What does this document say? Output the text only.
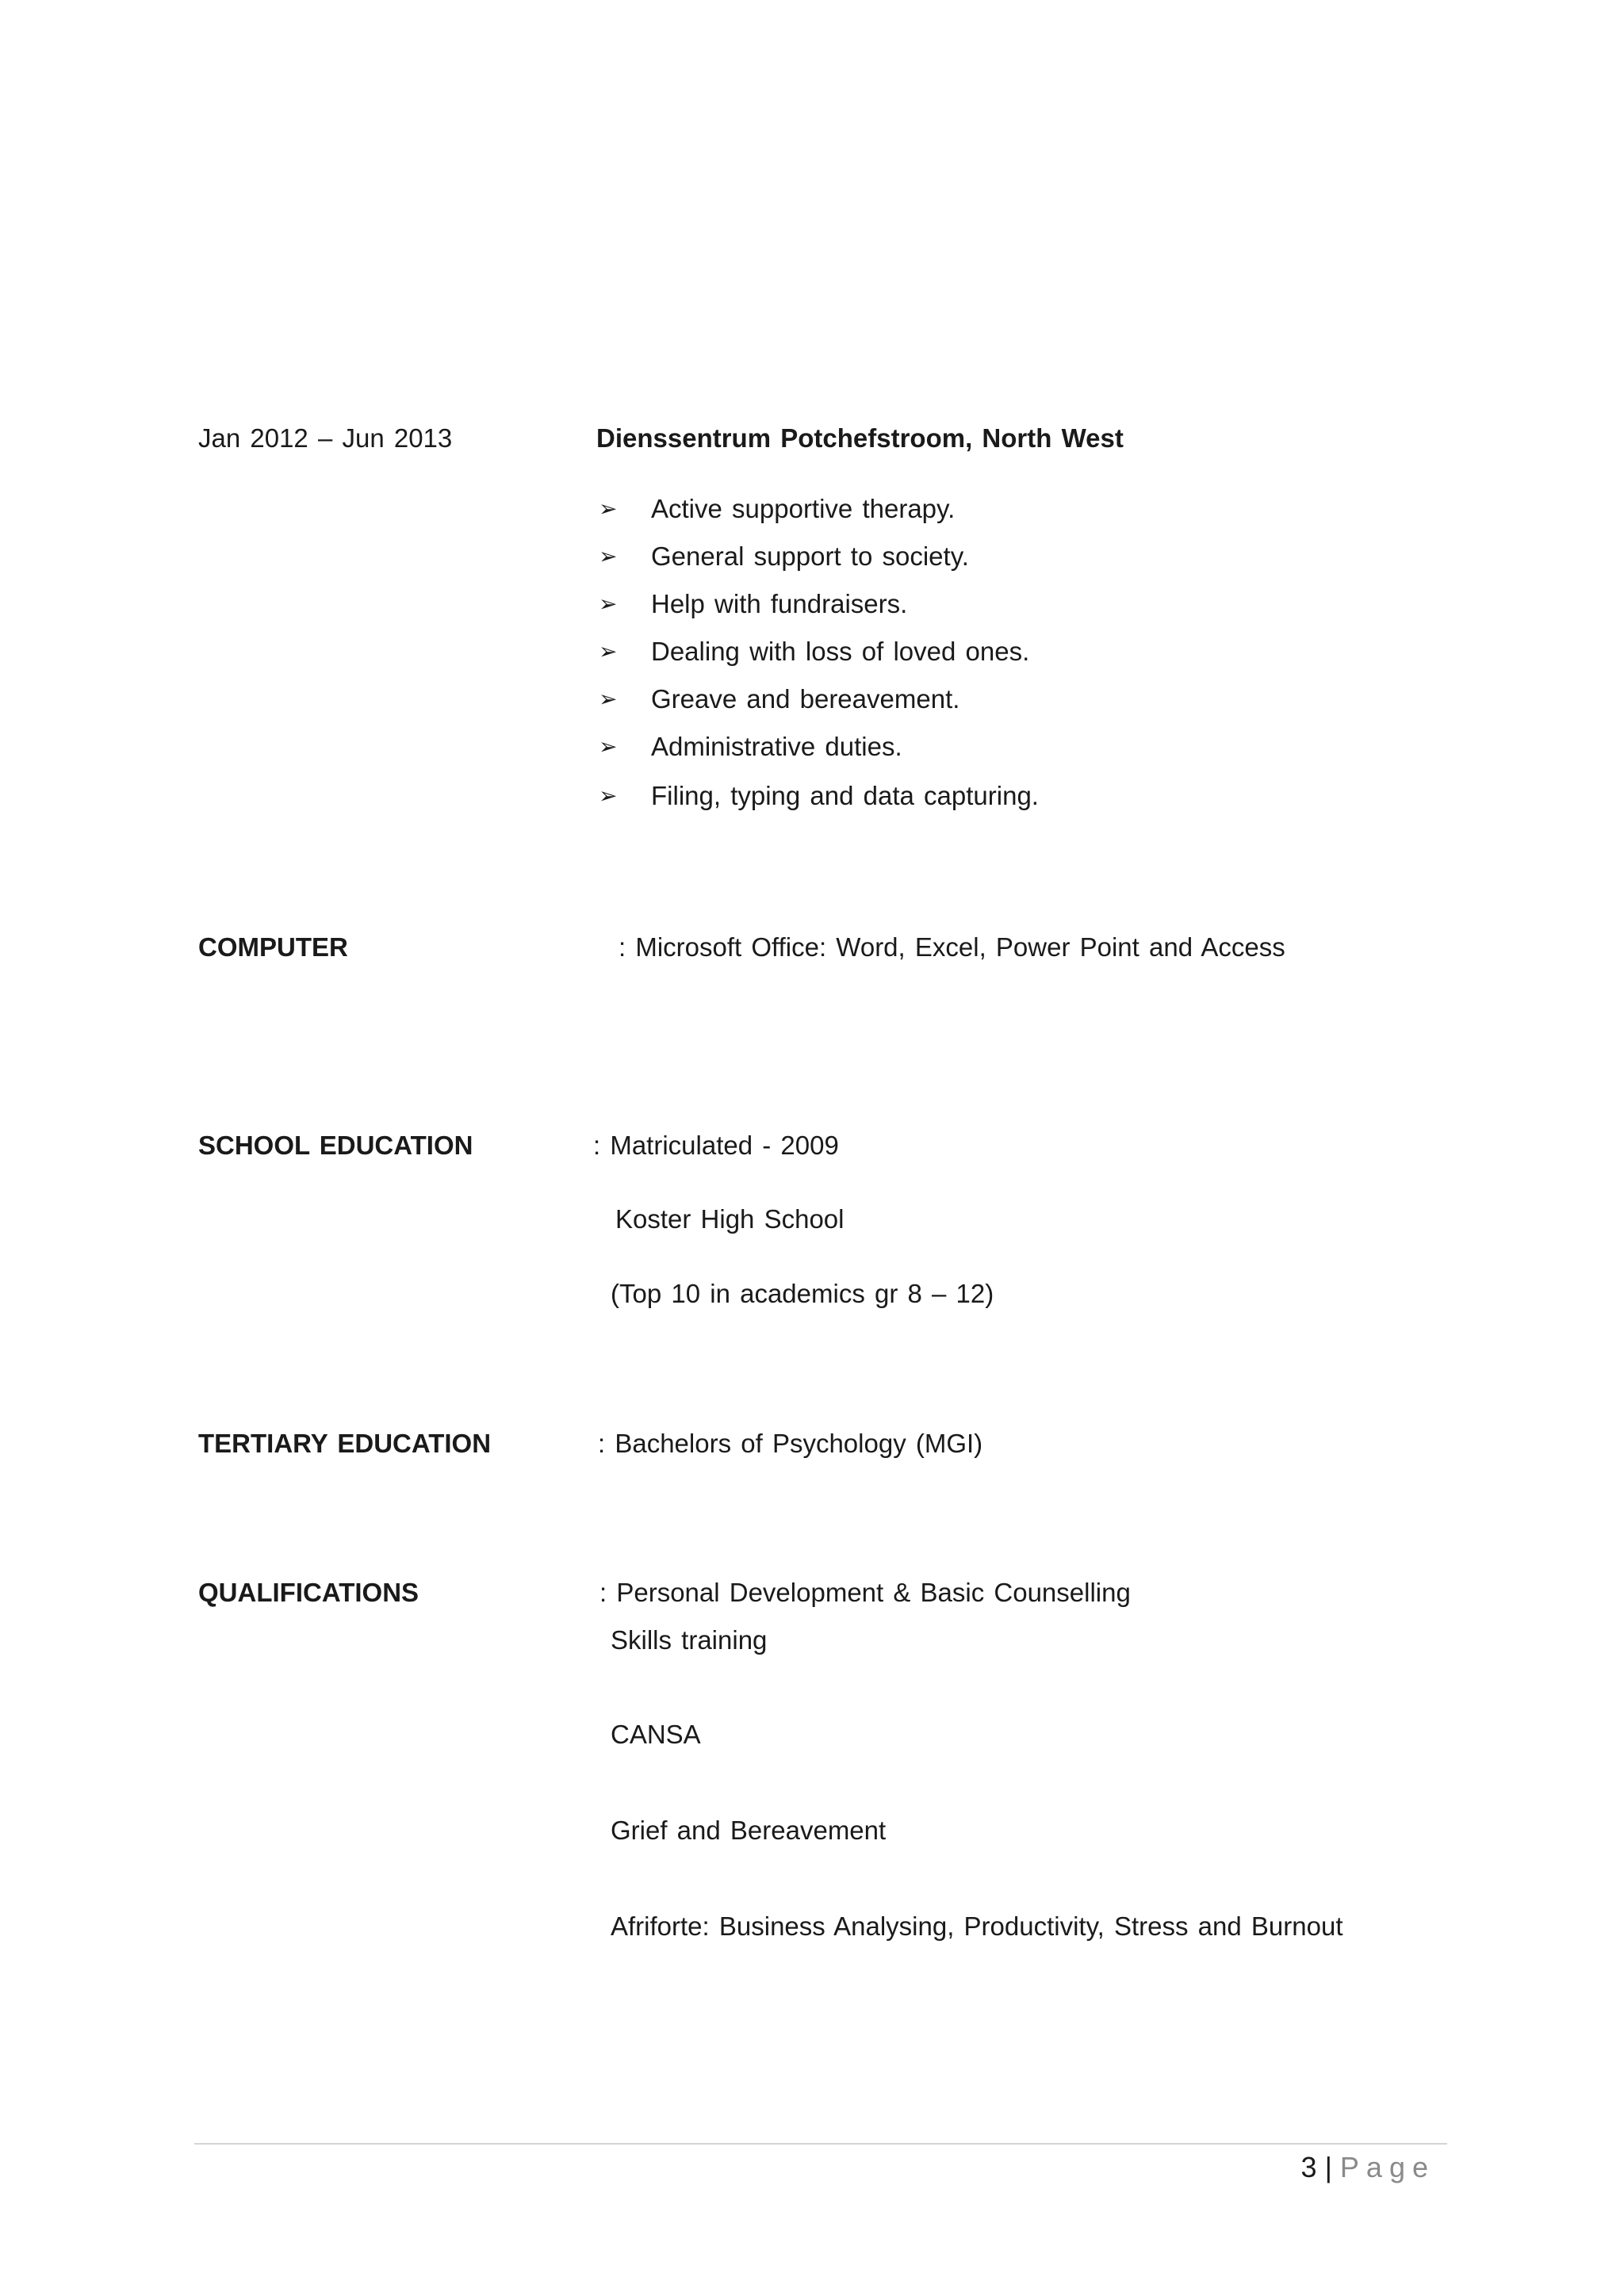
Jan 2012 – Jun 2013	Dienssentrum Potchefstroom, North West
➢ Active supportive therapy.
➢ General support to society.
➢ Help with fundraisers.
➢ Dealing with loss of loved ones.
➢ Greave and bereavement.
➢ Administrative duties.
➢ Filing, typing and data capturing.
COMPUTER	: Microsoft Office: Word, Excel, Power Point and Access
SCHOOL EDUCATION	: Matriculated - 2009
Koster High School
(Top 10 in academics gr 8 – 12)
TERTIARY EDUCATION	: Bachelors of Psychology (MGI)
QUALIFICATIONS	: Personal Development & Basic Counselling
Skills training
CANSA
Grief and Bereavement
Afriforte: Business Analysing, Productivity, Stress and Burnout
3 | Page
